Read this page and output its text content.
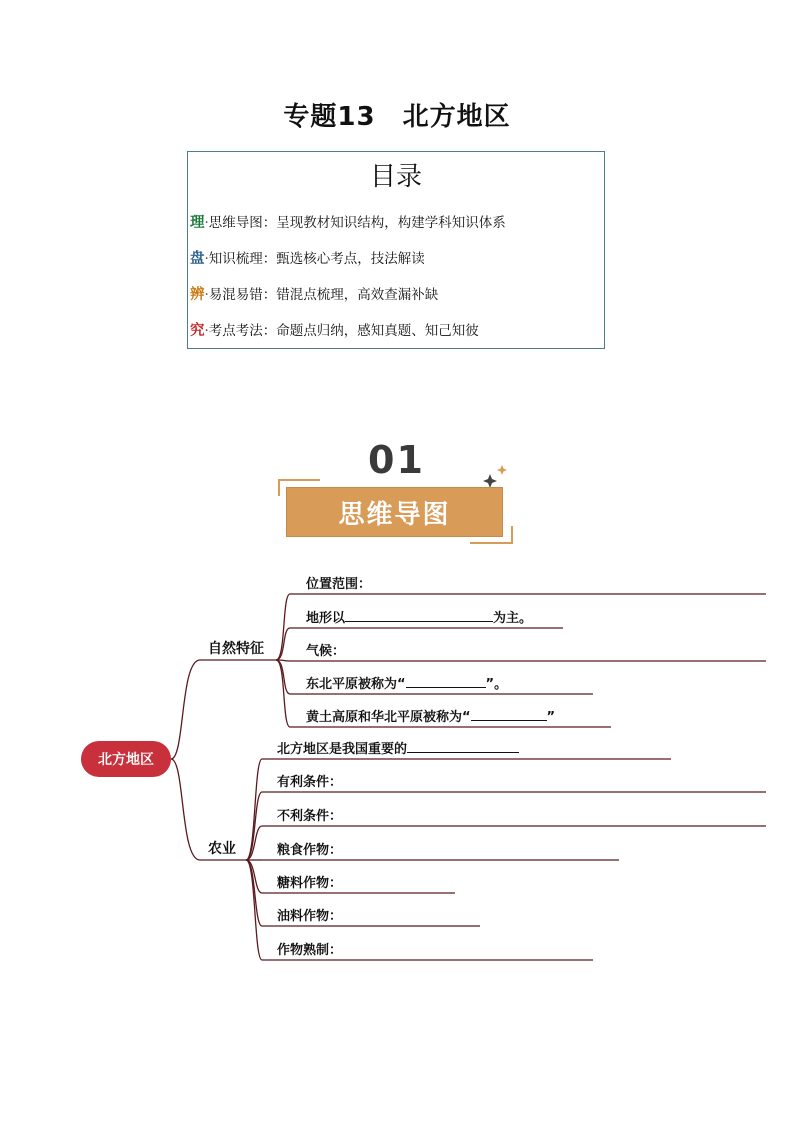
专题13　北方地区
目录
理·思维导图：呈现教材知识结构，构建学科知识体系
盘·知识梳理：甄选核心考点，技法解读
辨·易混易错：错混点梳理，高效查漏补缺
究·考点考法：命题点归纳，感知真题、知己知彼
01
思维导图
北方地区
自然特征
位置范围：
地形以	为主。
气候：
东北平原被称为“	”。
黄土高原和华北平原被称为“	”
农业
北方地区是我国重要的
有利条件：
不利条件：
粮食作物：
糖料作物：
油料作物：
作物熟制：
